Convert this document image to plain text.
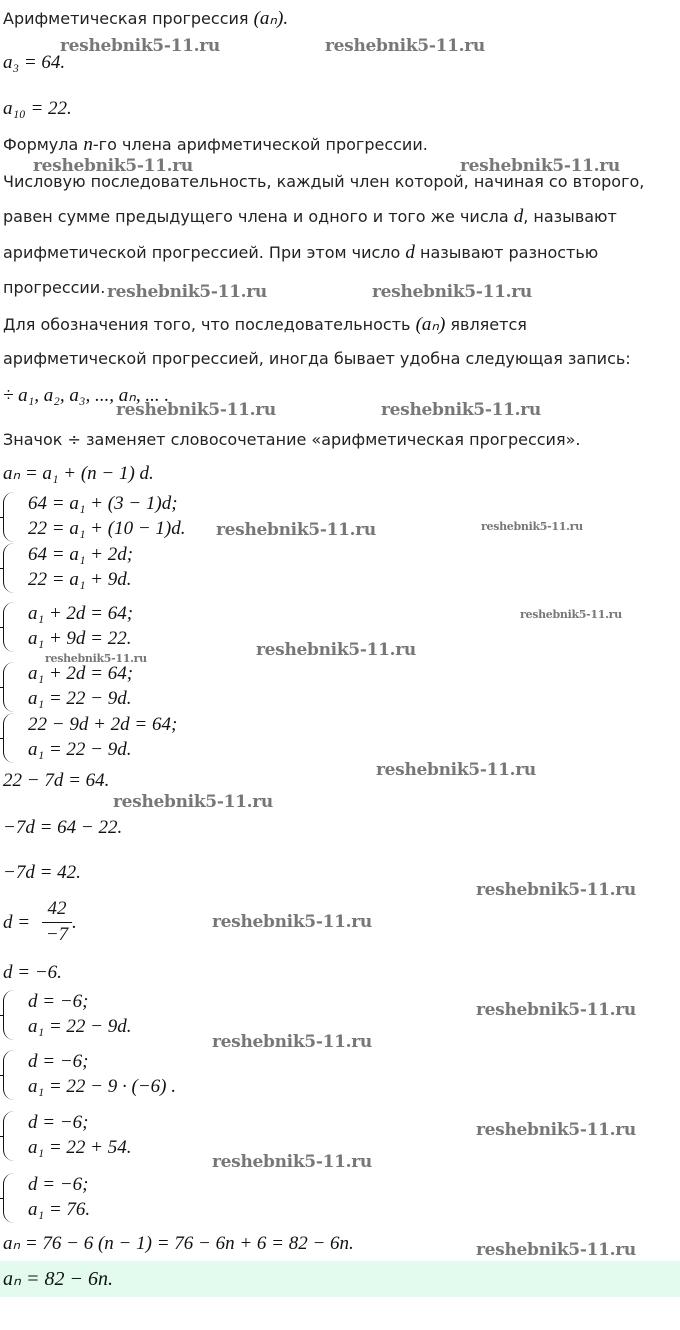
Арифметическая прогрессия (aₙ).
a₃ = 64.
a₁₀ = 22.
Формула n-го члена арифметической прогрессии.
Числовую последовательность, каждый член которой, начиная со второго,
равен сумме предыдущего члена и одного и того же числа d, называют
арифметической прогрессией. При этом число d называют разностью
прогрессии.
Для обозначения того, что последовательность (aₙ) является
арифметической прогрессией, иногда бывает удобна следующая запись:
÷ a₁, a₂, a₃, ..., aₙ, ... .
Значок ÷ заменяет словосочетание «арифметическая прогрессия».
aₙ = a₁ + (n − 1) d.
64 = a₁ + (3 − 1)d;
22 = a₁ + (10 − 1)d.
64 = a₁ + 2d;
22 = a₁ + 9d.
a₁ + 2d = 64;
a₁ + 9d = 22.
a₁ + 2d = 64;
a₁ = 22 − 9d.
22 − 9d + 2d = 64;
a₁ = 22 − 9d.
22 − 7d = 64.
−7d = 64 − 22.
−7d = 42.
d =
42
−7
.
d = −6.
d = −6;
a₁ = 22 − 9d.
d = −6;
a₁ = 22 − 9 · (−6) .
d = −6;
a₁ = 22 + 54.
d = −6;
a₁ = 76.
aₙ = 76 − 6 (n − 1) = 76 − 6n + 6 = 82 − 6n.
aₙ = 82 − 6n.
reshebnik5-11.ru	reshebnik5-11.ru
reshebnik5-11.ru	reshebnik5-11.ru
reshebnik5-11.ru	reshebnik5-11.ru
reshebnik5-11.ru	reshebnik5-11.ru
reshebnik5-11.ru	reshebnik5-11.ru
reshebnik5-11.ru
reshebnik5-11.ru	reshebnik5-11.ru
reshebnik5-11.ru
reshebnik5-11.ru
reshebnik5-11.ru
reshebnik5-11.ru
reshebnik5-11.ru
reshebnik5-11.ru
reshebnik5-11.ru
reshebnik5-11.ru
reshebnik5-11.ru
